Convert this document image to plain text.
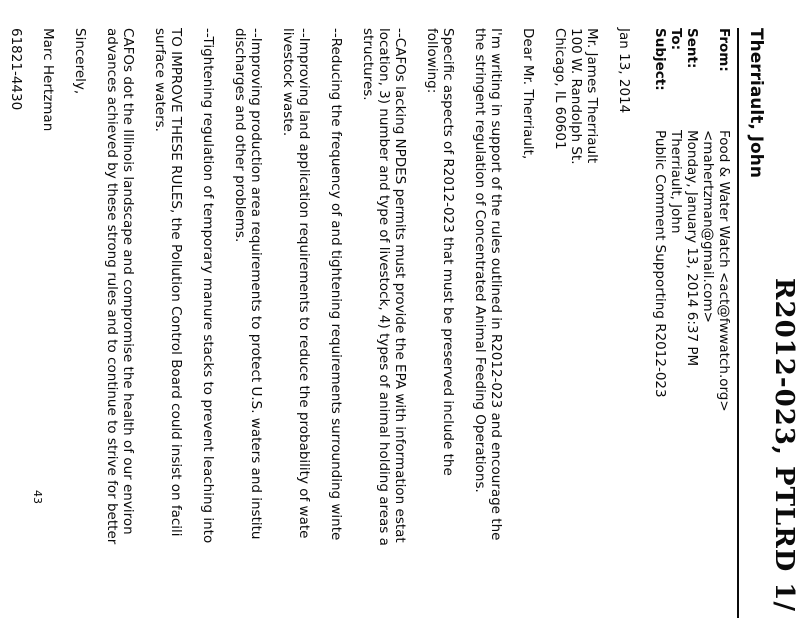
R2012-023, PTLRD 1/
Therriault, John
From:
Food & Water Watch <act@fwwatch.org>
<mahertzman@gmail.com>
Sent:
Monday, January 13, 2014 6:37 PM
To:
Therriault, John
Subject:
Public Comment Supporting R2012-023

Jan 13, 2014

Mr. James Therriault

100 W. Randolph St.

Chicago, IL 60601

Dear Mr. Therriault,

I'm writing in support of the rules outlined in R2012-023 and encourage the

the stringent regulation of Concentrated Animal Feeding Operations.

Specific aspects of R2012-023 that must be preserved include the

following:

--CAFOs lacking NPDES permits must provide the EPA with information estat

location, 3) number and type of livestock, 4) types of animal holding areas a

structures.

--Reducing the frequency of and tightening requirements surrounding winte

--Improving land application requirements to reduce the probability of wate

livestock waste.

--Improving production area requirements to protect U.S. waters and institu

discharges and other problems.

--Tightening regulation of temporary manure stacks to prevent leaching into

TO IMPROVE THESE RULES, the Pollution Control Board could insist on facili

surface waters.

CAFOs dot the Illinois landscape and compromise the health of our environ

advances achieved by these strong rules and to continue to strive for better

Sincerely,

Marc Hertzman

61821-4430

43
